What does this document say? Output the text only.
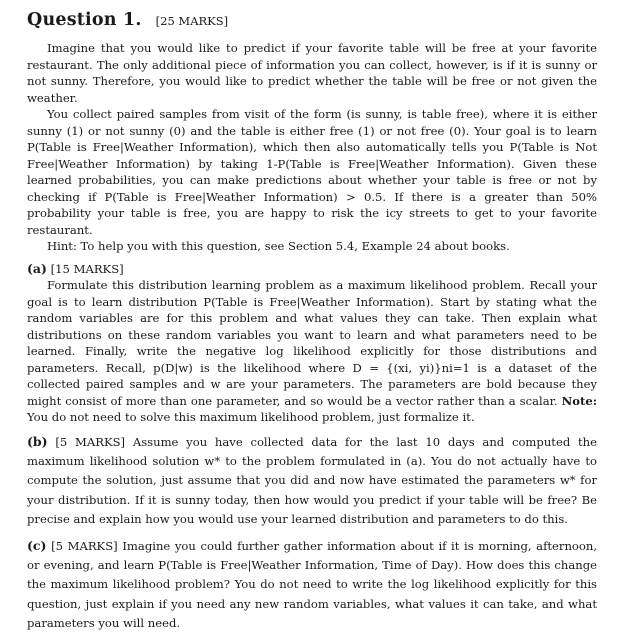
Question 1. [25 MARKS]

Imagine that you would like to predict if your favorite table will be free at your favorite restaurant. The only additional piece of information you can collect, however, is if it is sunny or not sunny. Therefore, you would like to predict whether the table will be free or not given the weather.

You collect paired samples from visit of the form (is sunny, is table free), where it is either sunny (1) or not sunny (0) and the table is either free (1) or not free (0). Your goal is to learn P(Table is Free|Weather Information), which then also automatically tells you P(Table is Not Free|Weather Information) by taking 1-P(Table is Free|Weather Information). Given these learned probabilities, you can make predictions about whether your table is free or not by checking if P(Table is Free|Weather Information) > 0.5. If there is a greater than 50% probability your table is free, you are happy to risk the icy streets to get to your favorite restaurant.

Hint: To help you with this question, see Section 5.4, Example 24 about books.

(a) [15 MARKS]

Formulate this distribution learning problem as a maximum likelihood problem. Recall your goal is to learn distribution P(Table is Free|Weather Information). Start by stating what the random variables are for this problem and what values they can take. Then explain what distributions on these random variables you want to learn and what parameters need to be learned. Finally, write the negative log likelihood explicitly for those distributions and parameters. Recall, p(D|w) is the likelihood where D = {(xi, yi)}ni=1 is a dataset of the collected paired samples and w are your parameters. The parameters are bold because they might consist of more than one parameter, and so would be a vector rather than a scalar. Note: You do not need to solve this maximum likelihood problem, just formalize it.

(b) [5 MARKS] Assume you have collected data for the last 10 days and computed the maximum likelihood solution w* to the problem formulated in (a). You do not actually have to compute the solution, just assume that you did and now have estimated the parameters w* for your distribution. If it is sunny today, then how would you predict if your table will be free? Be precise and explain how you would use your learned distribution and parameters to do this.

(c) [5 MARKS] Imagine you could further gather information about if it is morning, afternoon, or evening, and learn P(Table is Free|Weather Information, Time of Day). How does this change the maximum likelihood problem? You do not need to write the log likelihood explicitly for this question, just explain if you need any new random variables, what values it can take, and what parameters you will need.
